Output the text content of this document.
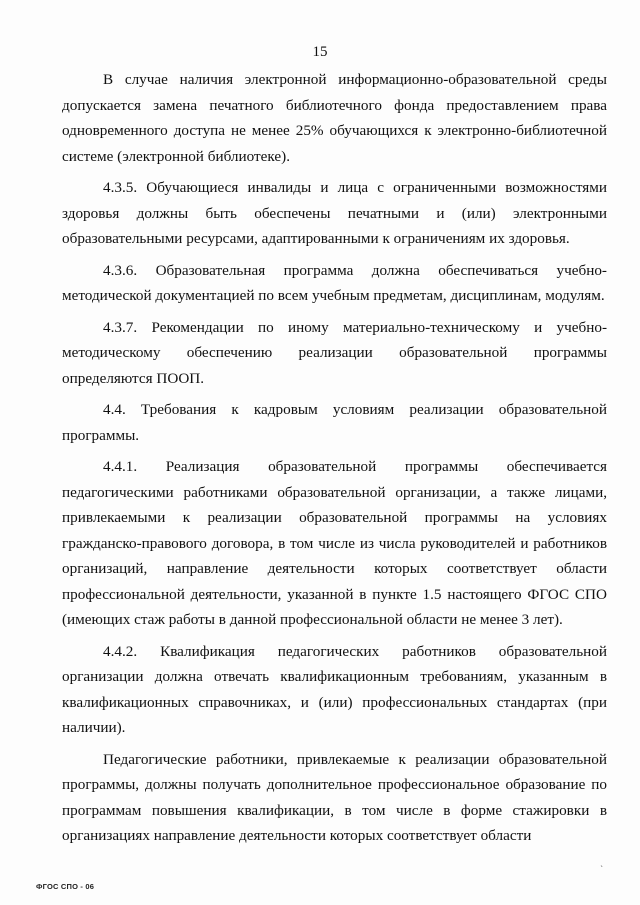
15

В случае наличия электронной информационно-образовательной среды допускается замена печатного библиотечного фонда предоставлением права одновременного доступа не менее 25% обучающихся к электронно-библиотечной системе (электронной библиотеке).

4.3.5. Обучающиеся инвалиды и лица с ограниченными возможностями здоровья должны быть обеспечены печатными и (или) электронными образовательными ресурсами, адаптированными к ограничениям их здоровья.

4.3.6. Образовательная программа должна обеспечиваться учебно-методической документацией по всем учебным предметам, дисциплинам, модулям.

4.3.7. Рекомендации по иному материально-техническому и учебно-методическому обеспечению реализации образовательной программы определяются ПООП.

4.4. Требования к кадровым условиям реализации образовательной программы.

4.4.1. Реализация образовательной программы обеспечивается педагогическими работниками образовательной организации, а также лицами, привлекаемыми к реализации образовательной программы на условиях гражданско-правового договора, в том числе из числа руководителей и работников организаций, направление деятельности которых соответствует области профессиональной деятельности, указанной в пункте 1.5 настоящего ФГОС СПО (имеющих стаж работы в данной профессиональной области не менее 3 лет).

4.4.2. Квалификация педагогических работников образовательной организации должна отвечать квалификационным требованиям, указанным в квалификационных справочниках, и (или) профессиональных стандартах (при наличии).

Педагогические работники, привлекаемые к реализации образовательной программы, должны получать дополнительное профессиональное образование по программам повышения квалификации, в том числе в форме стажировки в организациях направление деятельности которых соответствует области

ˋ
ФГОС СПО - 06
